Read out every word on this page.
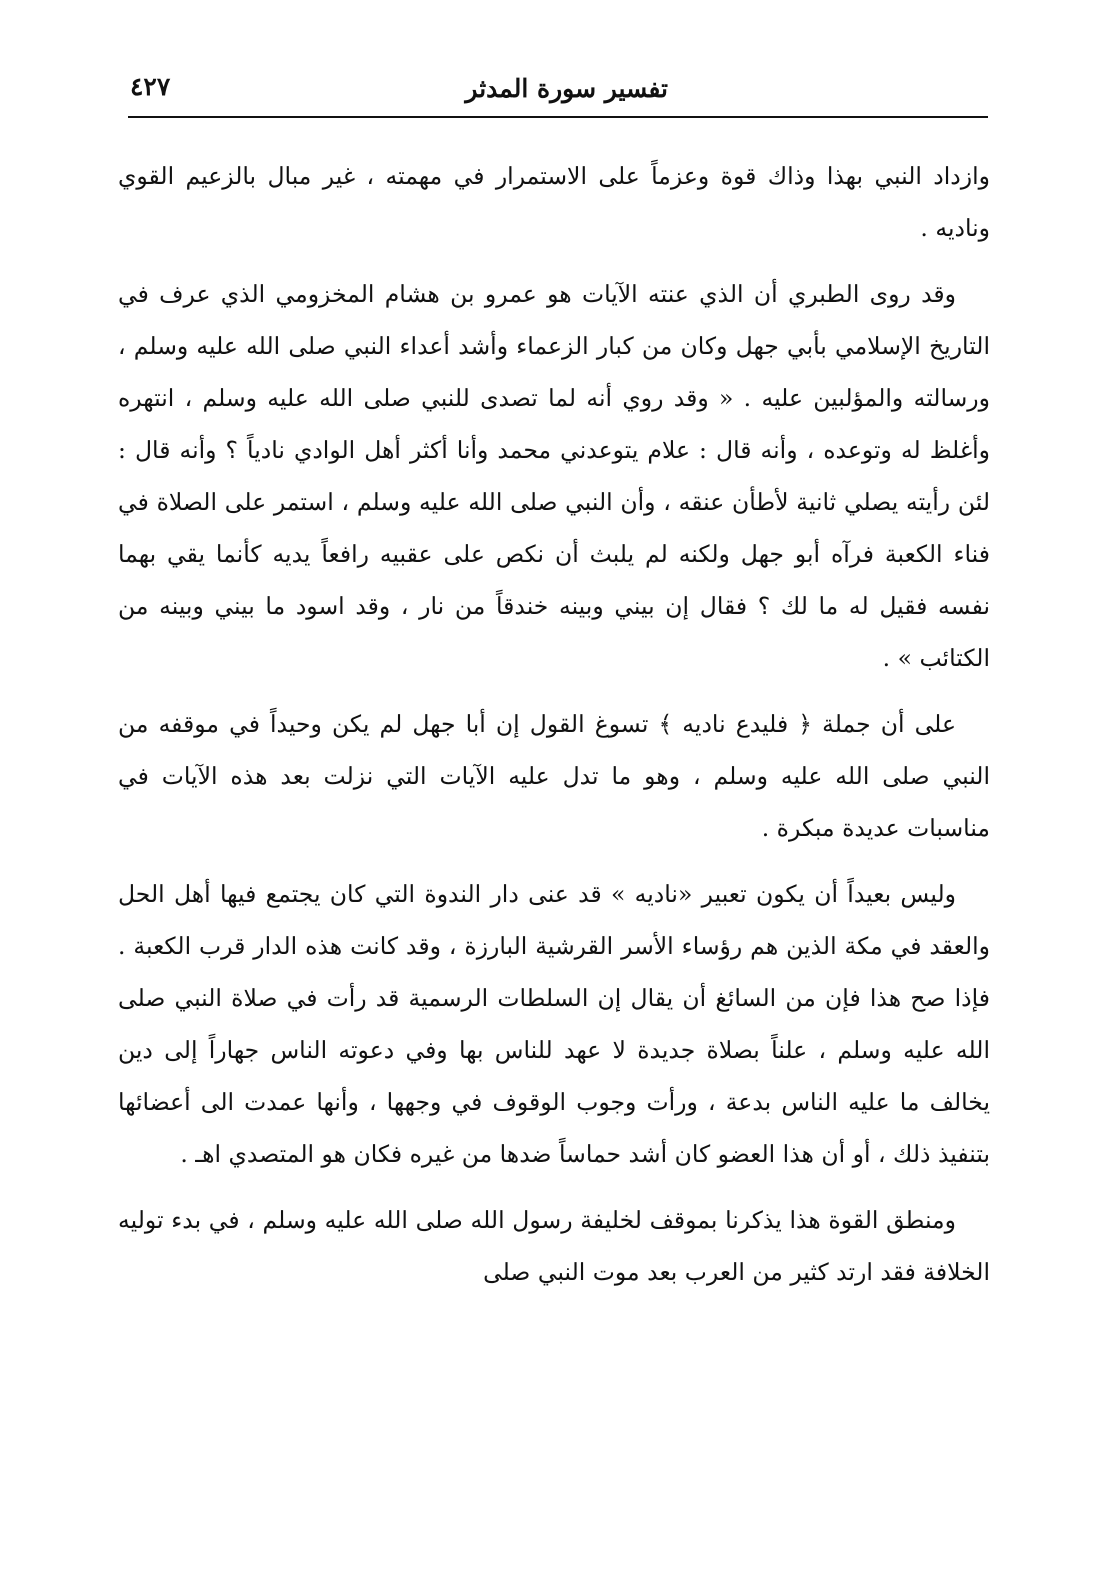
تفسير سورة المدثر
٤٢٧

وازداد النبي بهذا وذاك قوة وعزماً على الاستمرار في مهمته ، غير مبال بالزعيم القوي وناديه .

وقد روى الطبري أن الذي عنته الآيات هو عمرو بن هشام المخزومي الذي عرف في التاريخ الإسلامي بأبي جهل وكان من كبار الزعماء وأشد أعداء النبي صلى الله عليه وسلم ، ورسالته والمؤلبين عليه . « وقد روي أنه لما تصدى للنبي صلى الله عليه وسلم ، انتهره وأغلظ له وتوعده ، وأنه قال : علام يتوعدني محمد وأنا أكثر أهل الوادي نادياً ؟ وأنه قال : لئن رأيته يصلي ثانية لأطأن عنقه ، وأن النبي صلى الله عليه وسلم ، استمر على الصلاة في فناء الكعبة فرآه أبو جهل ولكنه لم يلبث أن نكص على عقبيه رافعاً يديه كأنما يقي بهما نفسه فقيل له ما لك ؟ فقال إن بيني وبينه خندقاً من نار ، وقد اسود ما بيني وبينه من الكتائب » .

على أن جملة ﴿ فليدع ناديه ﴾ تسوغ القول إن أبا جهل لم يكن وحيداً في موقفه من النبي صلى الله عليه وسلم ، وهو ما تدل عليه الآيات التي نزلت بعد هذه الآيات في مناسبات عديدة مبكرة .

وليس بعيداً أن يكون تعبير «ناديه » قد عنى دار الندوة التي كان يجتمع فيها أهل الحل والعقد في مكة الذين هم رؤساء الأسر القرشية البارزة ، وقد كانت هذه الدار قرب الكعبة . فإذا صح هذا فإن من السائغ أن يقال إن السلطات الرسمية قد رأت في صلاة النبي صلى الله عليه وسلم ، علناً بصلاة جديدة لا عهد للناس بها وفي دعوته الناس جهاراً إلى دين يخالف ما عليه الناس بدعة ، ورأت وجوب الوقوف في وجهها ، وأنها عمدت الى أعضائها بتنفيذ ذلك ، أو أن هذا العضو كان أشد حماساً ضدها من غيره فكان هو المتصدي اهـ .

ومنطق القوة هذا يذكرنا بموقف لخليفة رسول الله صلى الله عليه وسلم ، في بدء توليه الخلافة فقد ارتد كثير من العرب بعد موت النبي صلى
